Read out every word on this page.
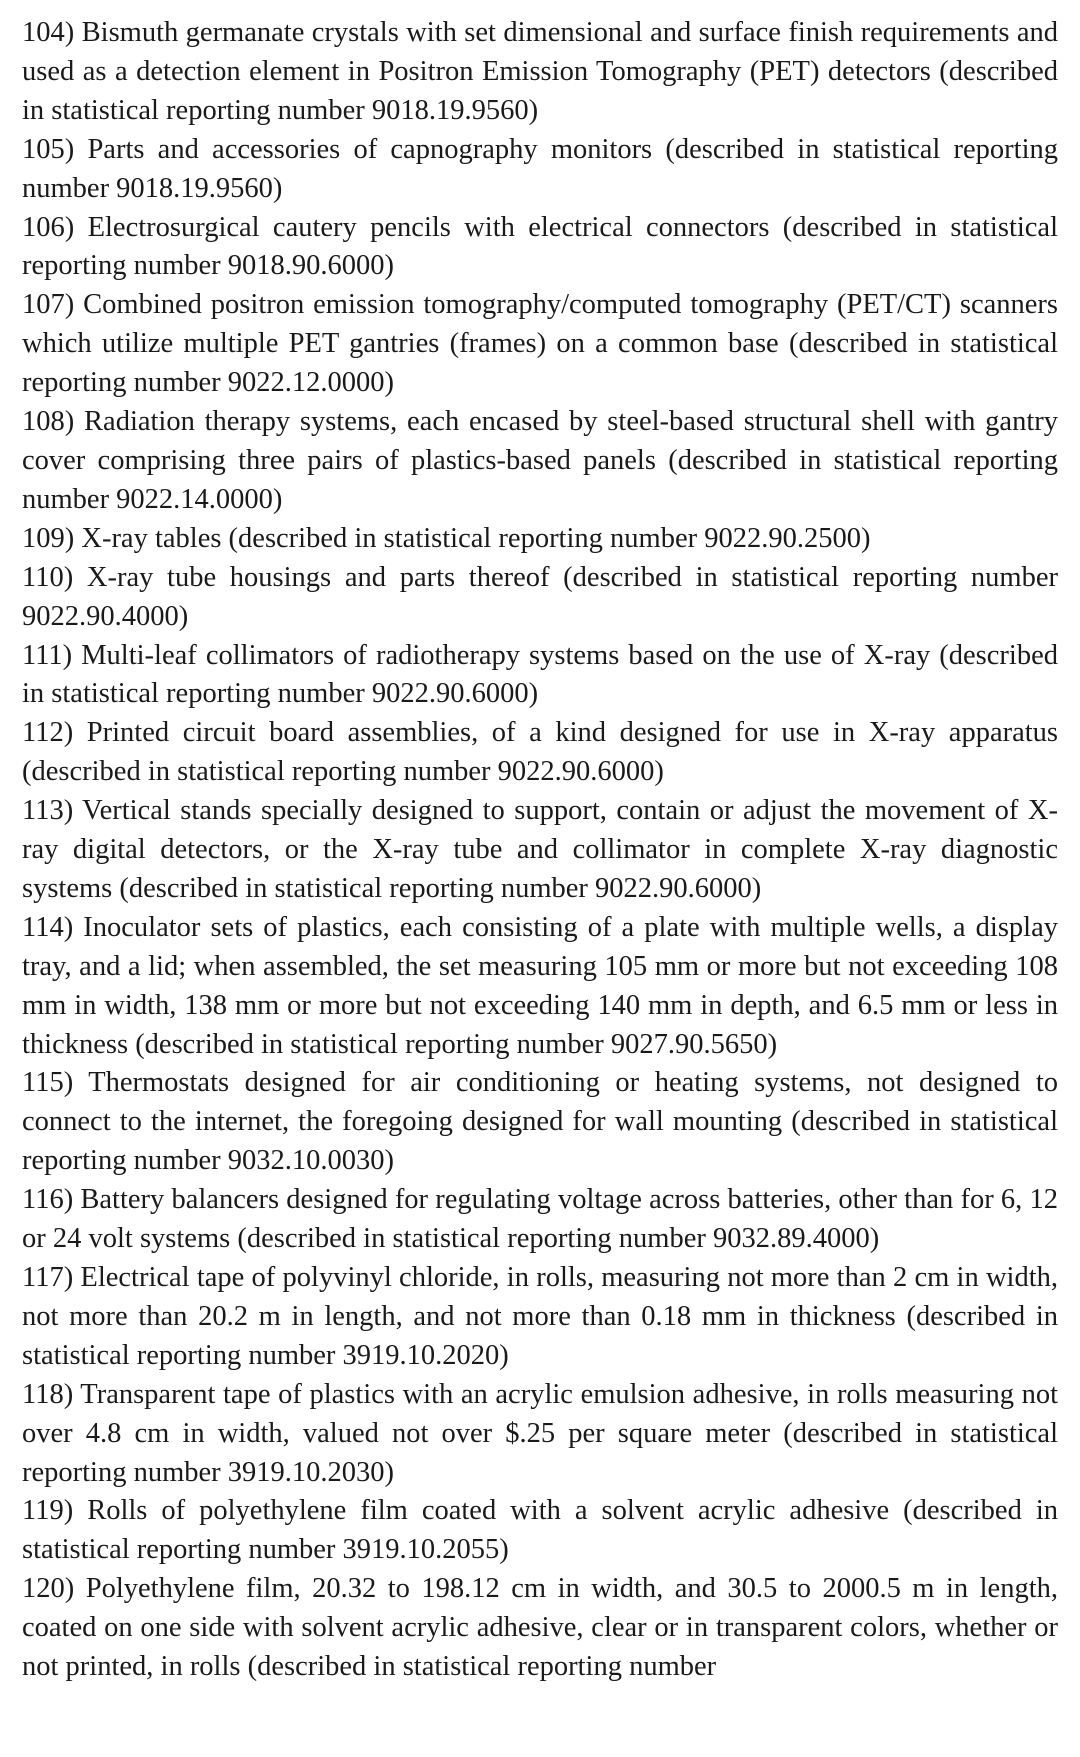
104) Bismuth germanate crystals with set dimensional and surface finish requirements and used as a detection element in Positron Emission Tomography (PET) detectors (described in statistical reporting number 9018.19.9560)

105) Parts and accessories of capnography monitors (described in statistical reporting number 9018.19.9560)

106) Electrosurgical cautery pencils with electrical connectors (described in statistical reporting number 9018.90.6000)

107) Combined positron emission tomography/computed tomography (PET/CT) scanners which utilize multiple PET gantries (frames) on a common base (described in statistical reporting number 9022.12.0000)

108) Radiation therapy systems, each encased by steel-based structural shell with gantry cover comprising three pairs of plastics-based panels (described in statistical reporting number 9022.14.0000)

109) X-ray tables (described in statistical reporting number 9022.90.2500)

110) X-ray tube housings and parts thereof (described in statistical reporting number 9022.90.4000)

111) Multi-leaf collimators of radiotherapy systems based on the use of X-ray (described in statistical reporting number 9022.90.6000)

112) Printed circuit board assemblies, of a kind designed for use in X-ray apparatus (described in statistical reporting number 9022.90.6000)

113) Vertical stands specially designed to support, contain or adjust the movement of X-ray digital detectors, or the X-ray tube and collimator in complete X-ray diagnostic systems (described in statistical reporting number 9022.90.6000)

114) Inoculator sets of plastics, each consisting of a plate with multiple wells, a display tray, and a lid; when assembled, the set measuring 105 mm or more but not exceeding 108 mm in width, 138 mm or more but not exceeding 140 mm in depth, and 6.5 mm or less in thickness (described in statistical reporting number 9027.90.5650)

115) Thermostats designed for air conditioning or heating systems, not designed to connect to the internet, the foregoing designed for wall mounting (described in statistical reporting number 9032.10.0030)

116) Battery balancers designed for regulating voltage across batteries, other than for 6, 12 or 24 volt systems (described in statistical reporting number 9032.89.4000)

117) Electrical tape of polyvinyl chloride, in rolls, measuring not more than 2 cm in width, not more than 20.2 m in length, and not more than 0.18 mm in thickness (described in statistical reporting number 3919.10.2020)

118) Transparent tape of plastics with an acrylic emulsion adhesive, in rolls measuring not over 4.8 cm in width, valued not over $.25 per square meter (described in statistical reporting number 3919.10.2030)

119) Rolls of polyethylene film coated with a solvent acrylic adhesive (described in statistical reporting number 3919.10.2055)

120) Polyethylene film, 20.32 to 198.12 cm in width, and 30.5 to 2000.5 m in length, coated on one side with solvent acrylic adhesive, clear or in transparent colors, whether or not printed, in rolls (described in statistical reporting number
